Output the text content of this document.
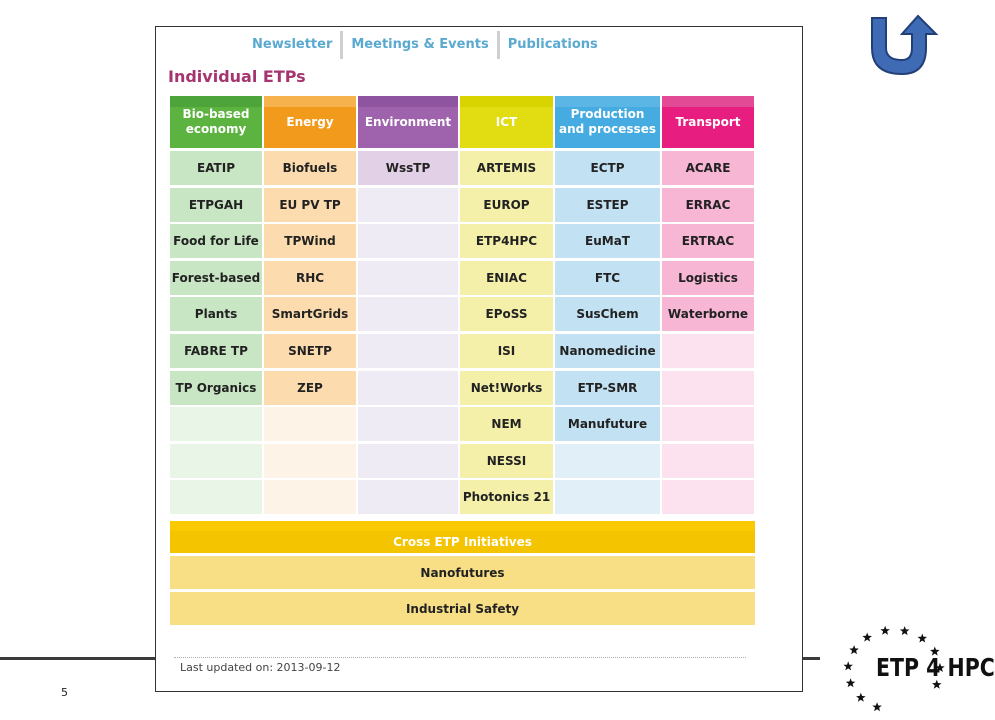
5
ETP 4 HPC
Newsletter	Meetings & Events	Publications
Individual ETPs
Bio-based
economy
EATIP
ETPGAH
Food for Life
Forest-based
Plants
FABRE TP
TP Organics
Energy
Biofuels
EU PV TP
TPWind
RHC
SmartGrids
SNETP
ZEP
Environment
WssTP
ICT
ARTEMIS
EUROP
ETP4HPC
ENIAC
EPoSS
ISI
Net!Works
NEM
NESSI
Photonics 21
Production
and processes
ECTP
ESTEP
EuMaT
FTC
SusChem
Nanomedicine
ETP-SMR
Manufuture
Transport
ACARE
ERRAC
ERTRAC
Logistics
Waterborne
Cross ETP Initiatives
Nanofutures
Industrial Safety
Last updated on: 2013-09-12
